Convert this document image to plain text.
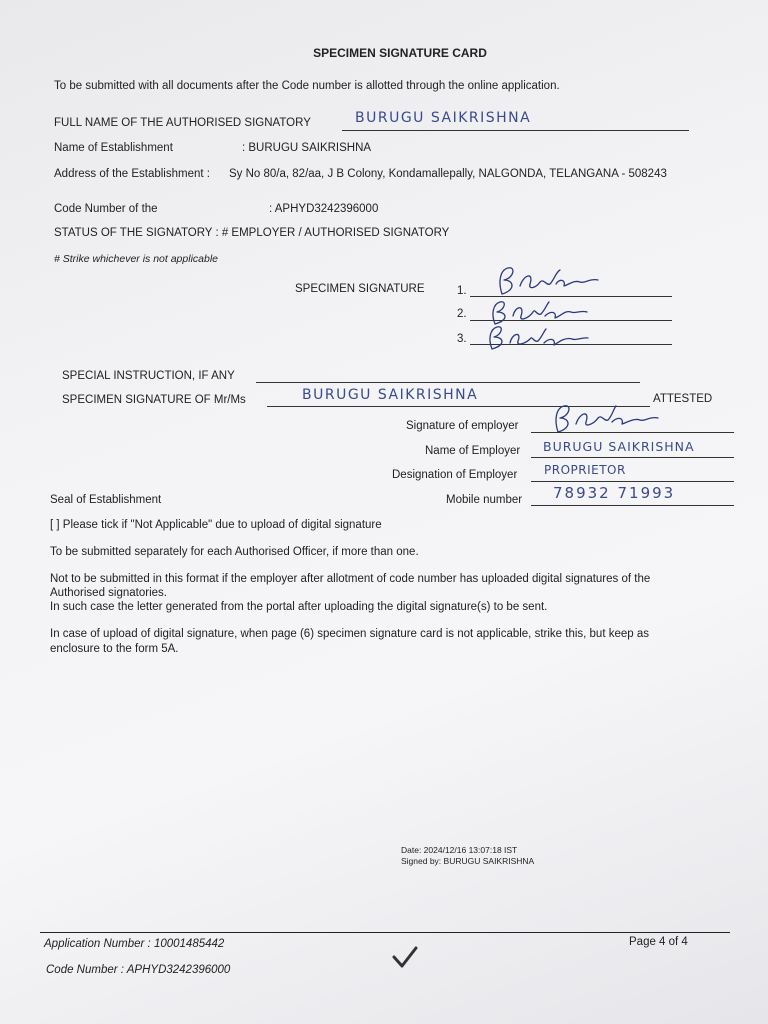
SPECIMEN SIGNATURE CARD
To be submitted with all documents after the Code number is allotted through the online application.
FULL NAME OF THE AUTHORISED SIGNATORY	BURUGU SAIKRISHNA
Name of Establishment	: BURUGU SAIKRISHNA
Address of the Establishment : Sy No 80/a, 82/aa, J B Colony, Kondamallepally, NALGONDA, TELANGANA - 508243
Code Number of the	: APHYD3242396000
STATUS OF THE SIGNATORY : # EMPLOYER / AUTHORISED SIGNATORY
# Strike whichever is not applicable
SPECIMEN SIGNATURE	1.
2.
3.
SPECIAL INSTRUCTION, IF ANY
SPECIMEN SIGNATURE OF Mr/Ms	BURUGU SAIKRISHNA	ATTESTED
Signature of employer
Name of Employer BURUGU SAIKRISHNA
Designation of Employer PROPRIETOR
Seal of Establishment	Mobile number 78932 71993
[ ] Please tick if "Not Applicable" due to upload of digital signature
To be submitted separately for each Authorised Officer, if more than one.
Not to be submitted in this format if the employer after allotment of code number has uploaded digital signatures of the
Authorised signatories.
In such case the letter generated from the portal after uploading the digital signature(s) to be sent.
In case of upload of digital signature, when page (6) specimen signature card is not applicable, strike this, but keep as
enclosure to the form 5A.
Date: 2024/12/16 13:07:18 IST
Signed by: BURUGU SAIKRISHNA
Application Number : 10001485442	Page 4 of 4
Code Number : APHYD3242396000
